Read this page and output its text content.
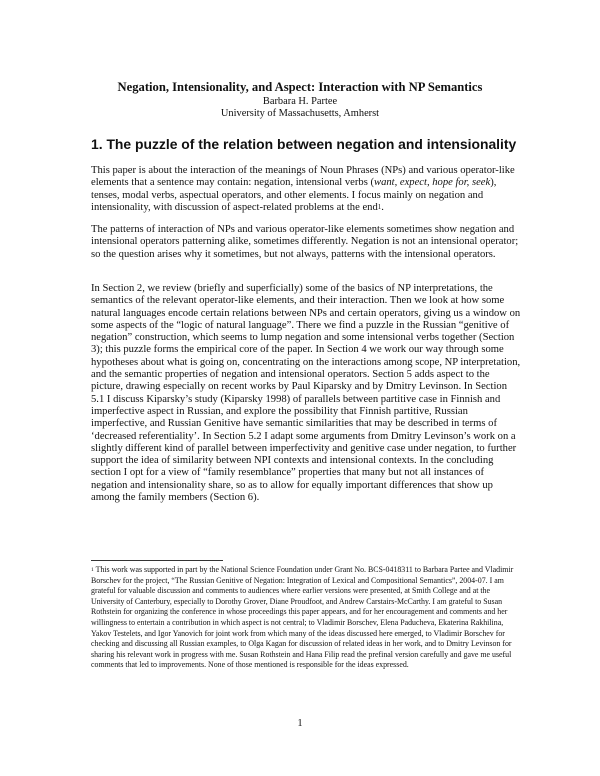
Negation, Intensionality, and Aspect: Interaction with NP Semantics
Barbara H. Partee
University of Massachusetts, Amherst
1. The puzzle of the relation between negation and intensionality

This paper is about the interaction of the meanings of Noun Phrases (NPs) and various operator-like elements that a sentence may contain: negation, intensional verbs (want, expect, hope for, seek), tenses, modal verbs, aspectual operators, and other elements. I focus mainly on negation and intensionality, with discussion of aspect-related problems at the end$^1$.

The patterns of interaction of NPs and various operator-like elements sometimes show negation and intensional operators patterning alike, sometimes differently. Negation is not an intensional operator; so the question arises why it sometimes, but not always, patterns with the intensional operators.

In Section 2, we review (briefly and superficially) some of the basics of NP interpretations, the semantics of the relevant operator-like elements, and their interaction. Then we look at how some natural languages encode certain relations between NPs and certain operators, giving us a window on some aspects of the “logic of natural language”. There we find a puzzle in the Russian “genitive of negation” construction, which seems to lump negation and some intensional verbs together (Section 3); this puzzle forms the empirical core of the paper. In Section 4 we work our way through some hypotheses about what is going on, concentrating on the interactions among scope, NP interpretation, and the semantic properties of negation and intensional operators. Section 5 adds aspect to the picture, drawing especially on recent works by Paul Kiparsky and by Dmitry Levinson. In Section 5.1 I discuss Kiparsky’s study (Kiparsky 1998) of parallels between partitive case in Finnish and imperfective aspect in Russian, and explore the possibility that Finnish partitive, Russian imperfective, and Russian Genitive have semantic similarities that may be described in terms of ‘decreased referentiality’. In Section 5.2 I adapt some arguments from Dmitry Levinson’s work on a slightly different kind of parallel between imperfectivity and genitive case under negation, to further support the idea of similarity between NPI contexts and intensional contexts. In the concluding section I opt for a view of “family resemblance” properties that many but not all instances of negation and intensionality share, so as to allow for equally important differences that show up among the family members (Section 6).

$^1$ This work was supported in part by the National Science Foundation under Grant No. BCS-0418311 to Barbara Partee and Vladimir Borschev for the project, “The Russian Genitive of Negation: Integration of Lexical and Compositional Semantics”, 2004-07. I am grateful for valuable discussion and comments to audiences where earlier versions were presented, at Smith College and at the University of Canterbury, especially to Dorothy Grover, Diane Proudfoot, and Andrew Carstairs-McCarthy. I am grateful to Susan Rothstein for organizing the conference in whose proceedings this paper appears, and for her encouragement and comments and her willingness to entertain a contribution in which aspect is not central; to Vladimir Borschev, Elena Paducheva, Ekaterina Rakhilina, Yakov Testelets, and Igor Yanovich for joint work from which many of the ideas discussed here emerged, to Vladimir Borschev for checking and discussing all Russian examples, to Olga Kagan for discussion of related ideas in her work, and to Dmitry Levinson for sharing his relevant work in progress with me. Susan Rothstein and Hana Filip read the prefinal version carefully and gave me useful comments that led to improvements. None of those mentioned is responsible for the ideas expressed.

1
